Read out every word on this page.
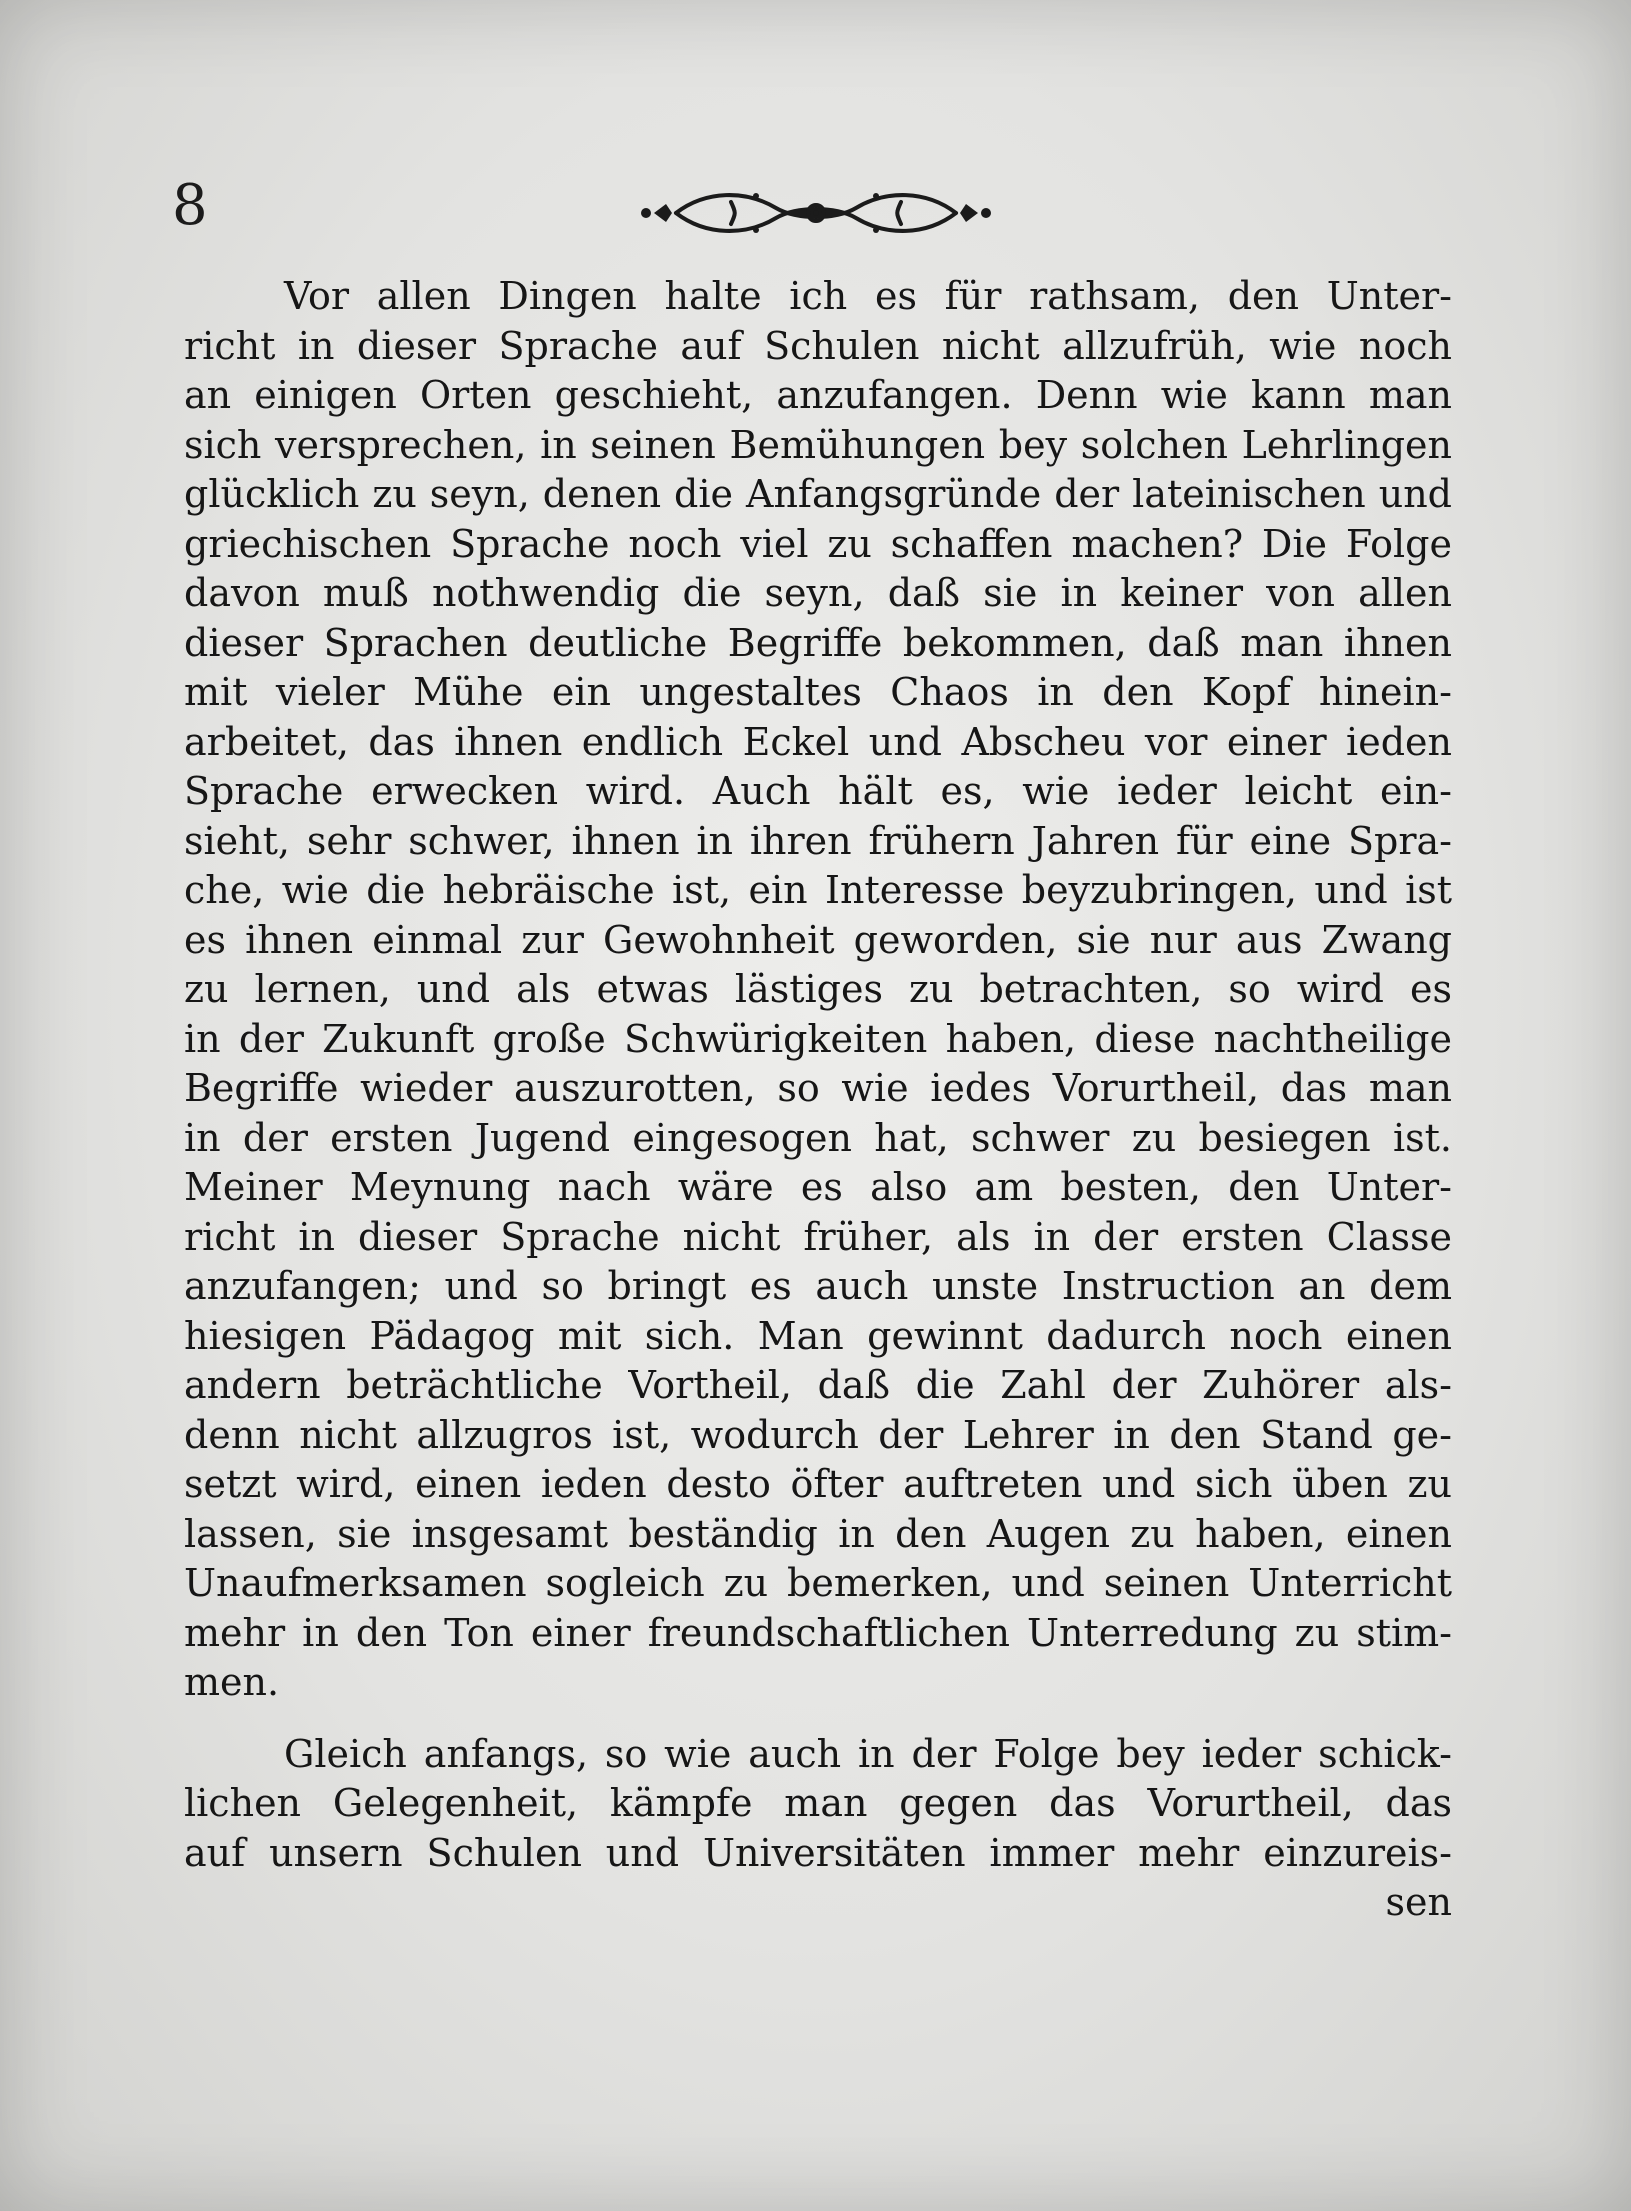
8
Vor allen Dingen halte ich es für rathsam, den Unter-
richt in dieser Sprache auf Schulen nicht allzufrüh, wie noch
an einigen Orten geschieht, anzufangen. Denn wie kann man
sich versprechen, in seinen Bemühungen bey solchen Lehrlingen
glücklich zu seyn, denen die Anfangsgründe der lateinischen und
griechischen Sprache noch viel zu schaffen machen? Die Folge
davon muß nothwendig die seyn, daß sie in keiner von allen
dieser Sprachen deutliche Begriffe bekommen, daß man ihnen
mit vieler Mühe ein ungestaltes Chaos in den Kopf hinein-
arbeitet, das ihnen endlich Eckel und Abscheu vor einer ieden
Sprache erwecken wird. Auch hält es, wie ieder leicht ein-
sieht, sehr schwer, ihnen in ihren frühern Jahren für eine Spra-
che, wie die hebräische ist, ein Interesse beyzubringen, und ist
es ihnen einmal zur Gewohnheit geworden, sie nur aus Zwang
zu lernen, und als etwas lästiges zu betrachten, so wird es
in der Zukunft große Schwürigkeiten haben, diese nachtheilige
Begriffe wieder auszurotten, so wie iedes Vorurtheil, das man
in der ersten Jugend eingesogen hat, schwer zu besiegen ist.
Meiner Meynung nach wäre es also am besten, den Unter-
richt in dieser Sprache nicht früher, als in der ersten Classe
anzufangen; und so bringt es auch unste Instruction an dem
hiesigen Pädagog mit sich. Man gewinnt dadurch noch einen
andern beträchtliche Vortheil, daß die Zahl der Zuhörer als-
denn nicht allzugros ist, wodurch der Lehrer in den Stand ge-
setzt wird, einen ieden desto öfter auftreten und sich üben zu
lassen, sie insgesamt beständig in den Augen zu haben, einen
Unaufmerksamen sogleich zu bemerken, und seinen Unterricht
mehr in den Ton einer freundschaftlichen Unterredung zu stim-
men.
Gleich anfangs, so wie auch in der Folge bey ieder schick-
lichen Gelegenheit, kämpfe man gegen das Vorurtheil, das
auf unsern Schulen und Universitäten immer mehr einzureis-
sen
